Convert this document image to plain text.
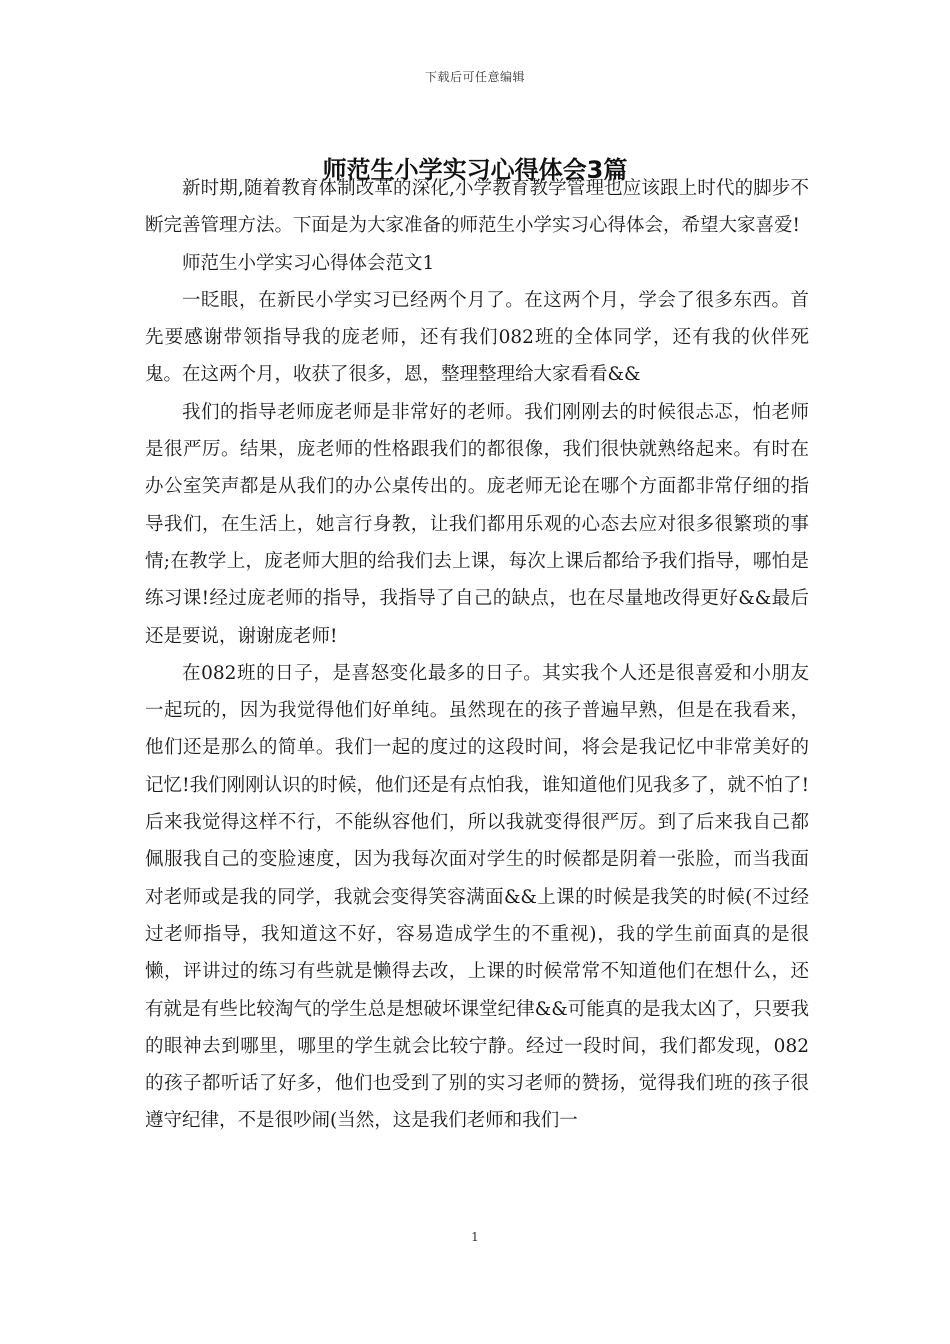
下载后可任意编辑
师范生小学实习心得体会3篇

新时期,随着教育体制改革的深化,小学教育教学管理也应该跟上时代的脚步不断完善管理方法。下面是为大家准备的师范生小学实习心得体会，希望大家喜爱!

师范生小学实习心得体会范文1

一眨眼，在新民小学实习已经两个月了。在这两个月，学会了很多东西。首先要感谢带领指导我的庞老师，还有我们082班的全体同学，还有我的伙伴死鬼。在这两个月，收获了很多，恩，整理整理给大家看看&&

我们的指导老师庞老师是非常好的老师。我们刚刚去的时候很忐忑，怕老师是很严厉。结果，庞老师的性格跟我们的都很像，我们很快就熟络起来。有时在办公室笑声都是从我们的办公桌传出的。庞老师无论在哪个方面都非常仔细的指导我们，在生活上，她言行身教，让我们都用乐观的心态去应对很多很繁琐的事情;在教学上，庞老师大胆的给我们去上课，每次上课后都给予我们指导，哪怕是练习课!经过庞老师的指导，我指导了自己的缺点，也在尽量地改得更好&&最后还是要说，谢谢庞老师!

在082班的日子，是喜怒变化最多的日子。其实我个人还是很喜爱和小朋友一起玩的，因为我觉得他们好单纯。虽然现在的孩子普遍早熟，但是在我看来，他们还是那么的简单。我们一起的度过的这段时间，将会是我记忆中非常美好的记忆!我们刚刚认识的时候，他们还是有点怕我，谁知道他们见我多了，就不怕了!后来我觉得这样不行，不能纵容他们，所以我就变得很严厉。到了后来我自己都佩服我自己的变脸速度，因为我每次面对学生的时候都是阴着一张脸，而当我面对老师或是我的同学，我就会变得笑容满面&&上课的时候是我笑的时候(不过经过老师指导，我知道这不好，容易造成学生的不重视)，我的学生前面真的是很懒，评讲过的练习有些就是懒得去改，上课的时候常常不知道他们在想什么，还有就是有些比较淘气的学生总是想破坏课堂纪律&&可能真的是我太凶了，只要我的眼神去到哪里，哪里的学生就会比较宁静。经过一段时间，我们都发现，082的孩子都听话了好多，他们也受到了别的实习老师的赞扬，觉得我们班的孩子很遵守纪律，不是很吵闹(当然，这是我们老师和我们一

1
